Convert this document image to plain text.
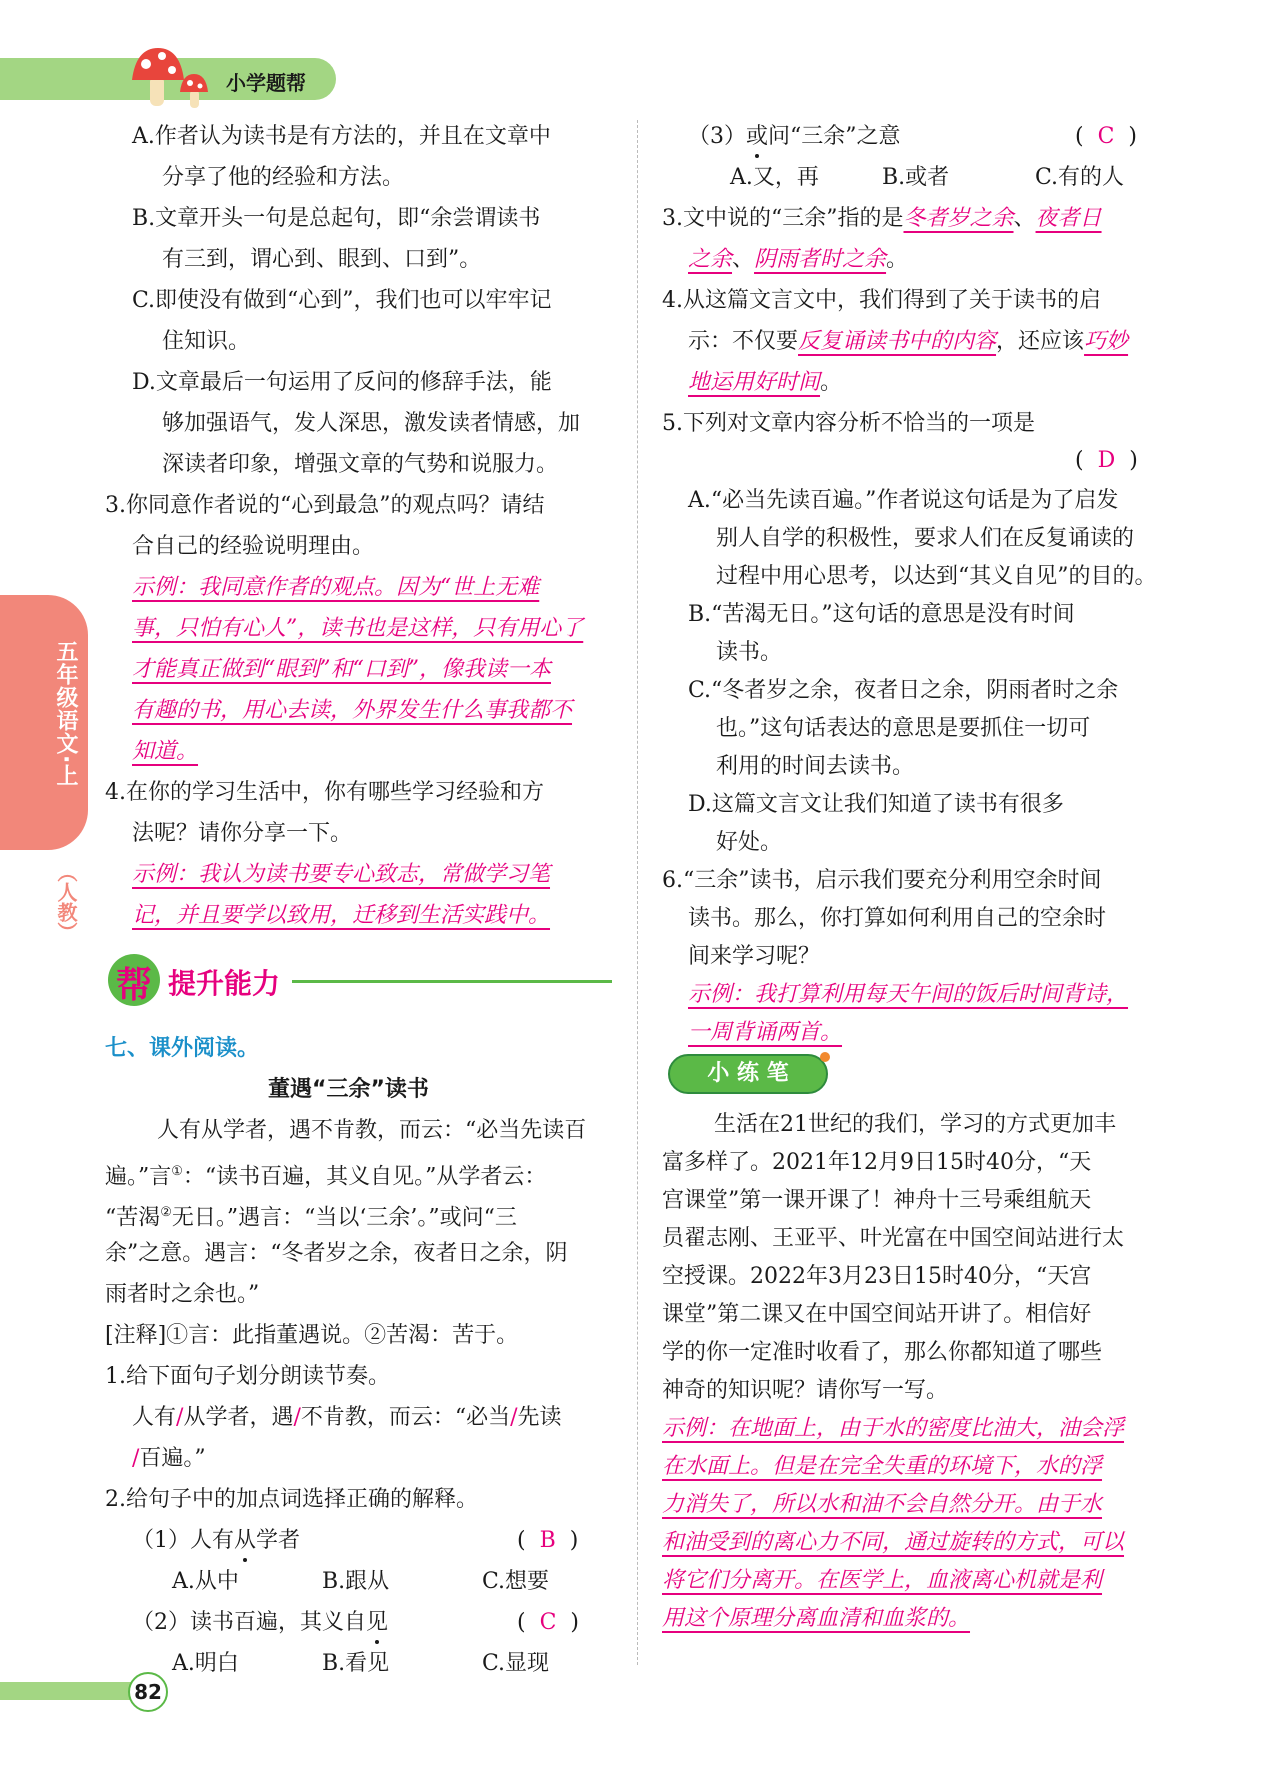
小学题帮
五年级语文·上
（人教）
A.作者认为读书是有方法的，并且在文章中
分享了他的经验和方法。
B.文章开头一句是总起句，即“余尝谓读书
有三到，谓心到、眼到、口到”。
C.即使没有做到“心到”，我们也可以牢牢记
住知识。
D.文章最后一句运用了反问的修辞手法，能
够加强语气，发人深思，激发读者情感，加
深读者印象，增强文章的气势和说服力。
3.你同意作者说的“心到最急”的观点吗？请结
合自己的经验说明理由。
示例：我同意作者的观点。因为“世上无难
事，只怕有心人”，读书也是这样，只有用心了
才能真正做到“眼到”和“口到”，像我读一本
有趣的书，用心去读，外界发生什么事我都不
知道。
4.在你的学习生活中，你有哪些学习经验和方
法呢？请你分享一下。
示例：我认为读书要专心致志，常做学习笔
记，并且要学以致用，迁移到生活实践中。
帮 提升能力
七、课外阅读。
董遇“三余”读书
人有从学者，遇不肯教，而云：“必当先读百
遍。”言①：“读书百遍，其义自见。”从学者云：
“苦渴②无日。”遇言：“当以‘三余’。”或问“三
余”之意。遇言：“冬者岁之余，夜者日之余，阴
雨者时之余也。”
[注释]①言：此指董遇说。②苦渴：苦于。
1.给下面句子划分朗读节奏。
人有/从学者，遇/不肯教，而云：“必当/先读
/百遍。”
2.给句子中的加点词选择正确的解释。
（1）人有从学者	(  B  )
A.从中	B.跟从	C.想要
（2）读书百遍，其义自见	(  C  )
A.明白	B.看见	C.显现
（3）或问“三余”之意	(  C  )
A.又，再	B.或者	C.有的人
3.文中说的“三余”指的是冬者岁之余、夜者日
之余、阴雨者时之余。
4.从这篇文言文中，我们得到了关于读书的启
示：不仅要反复诵读书中的内容，还应该巧妙
地运用好时间。
5.下列对文章内容分析不恰当的一项是
(  D  )
A.“必当先读百遍。”作者说这句话是为了启发
别人自学的积极性，要求人们在反复诵读的
过程中用心思考，以达到“其义自见”的目的。
B.“苦渴无日。”这句话的意思是没有时间
读书。
C.“冬者岁之余，夜者日之余，阴雨者时之余
也。”这句话表达的意思是要抓住一切可
利用的时间去读书。
D.这篇文言文让我们知道了读书有很多
好处。
6.“三余”读书，启示我们要充分利用空余时间
读书。那么，你打算如何利用自己的空余时
间来学习呢？
示例：我打算利用每天午间的饭后时间背诗，
一周背诵两首。
小 练 笔
生活在21世纪的我们，学习的方式更加丰
富多样了。2021年12月9日15时40分，“天
宫课堂”第一课开课了！神舟十三号乘组航天
员翟志刚、王亚平、叶光富在中国空间站进行太
空授课。2022年3月23日15时40分，“天宫
课堂”第二课又在中国空间站开讲了。相信好
学的你一定准时收看了，那么你都知道了哪些
神奇的知识呢？请你写一写。
示例：在地面上，由于水的密度比油大，油会浮
在水面上。但是在完全失重的环境下，水的浮
力消失了，所以水和油不会自然分开。由于水
和油受到的离心力不同，通过旋转的方式，可以
将它们分离开。在医学上，血液离心机就是利
用这个原理分离血清和血浆的。
82
